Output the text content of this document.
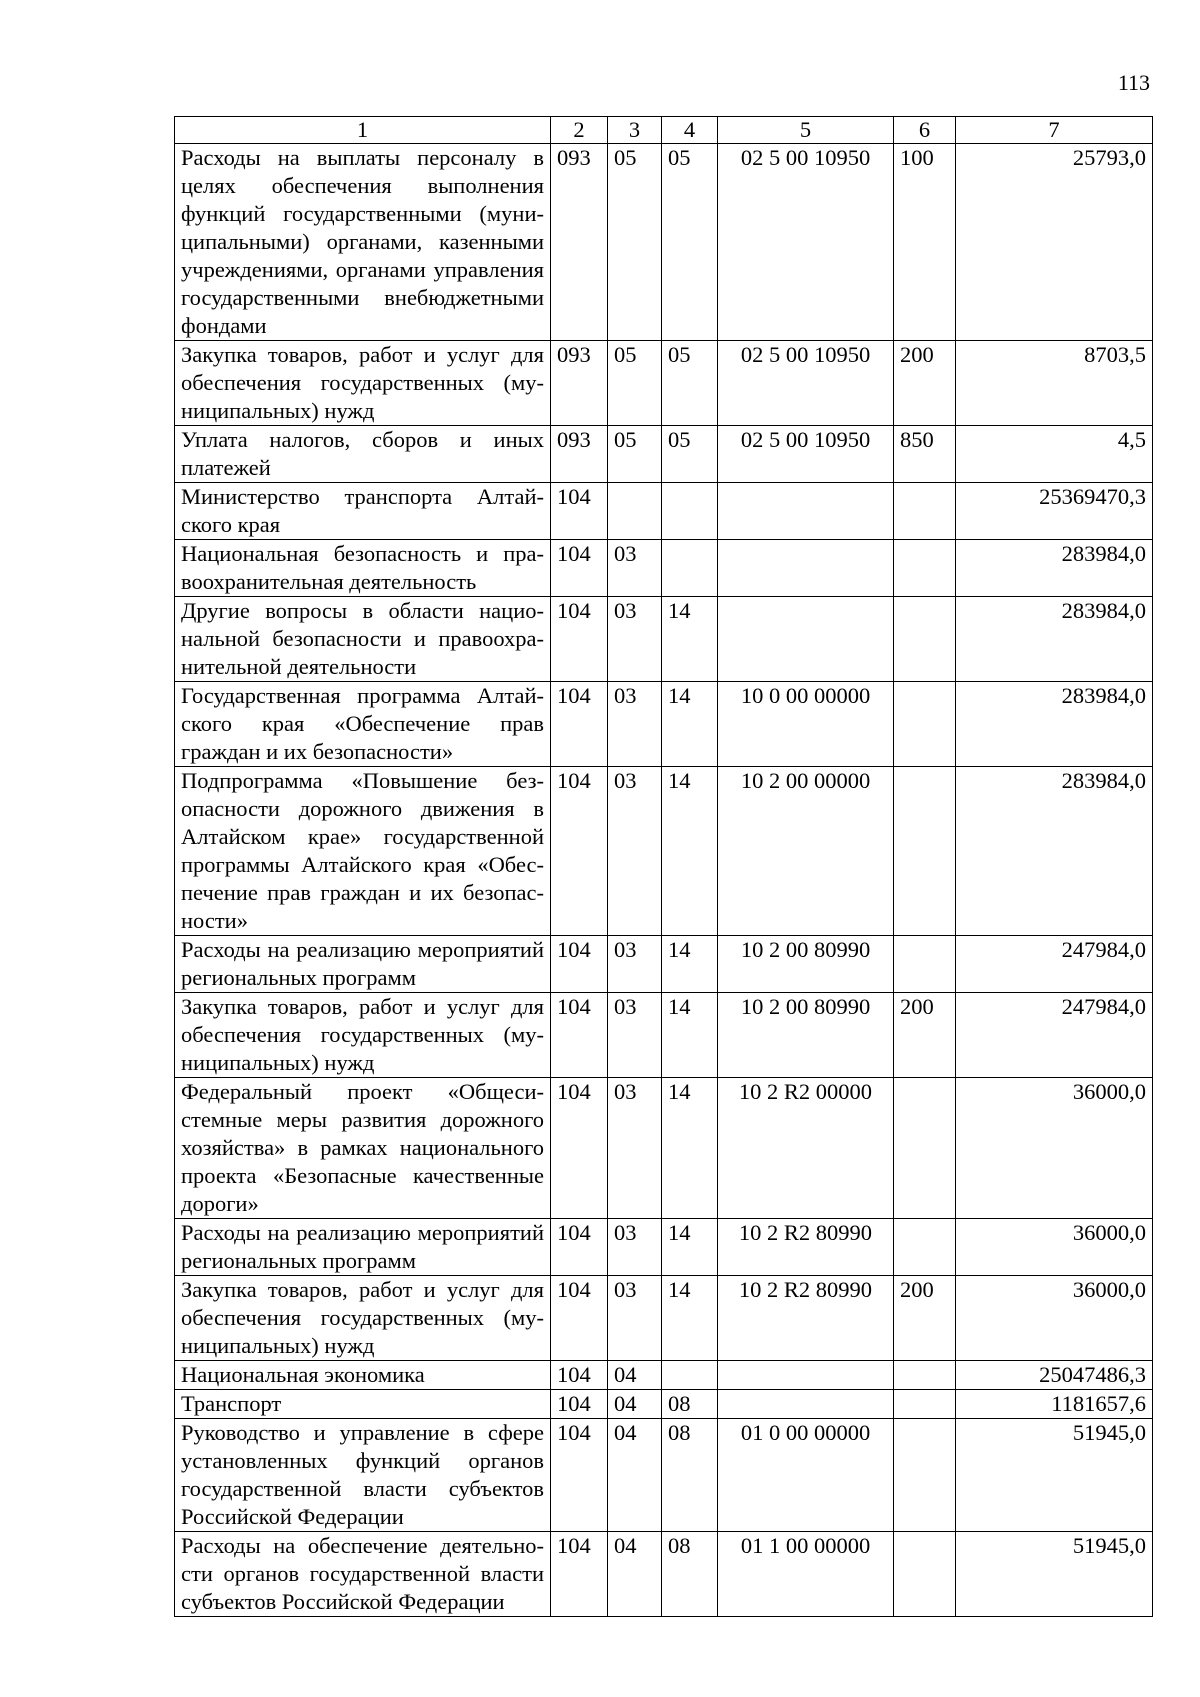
113
1	2	3	4	5	6	7
Расходы на выплаты персоналу в целях обеспечения выполнения функций государственными (муниципальными) органами, казенными учреждениями, органами управления государственными внебюджетными фондами	093	05	05	02 5 00 10950	100	25793,0
Закупка товаров, работ и услуг для обеспечения государственных (муниципальных) нужд	093	05	05	02 5 00 10950	200	8703,5
Уплата налогов, сборов и иных платежей	093	05	05	02 5 00 10950	850	4,5
Министерство транспорта Алтайского края	104					25369470,3
Национальная безопасность и правоохранительная деятельность	104	03				283984,0
Другие вопросы в области национальной безопасности и правоохранительной деятельности	104	03	14			283984,0
Государственная программа Алтайского края «Обеспечение прав граждан и их безопасности»	104	03	14	10 0 00 00000		283984,0
Подпрограмма «Повышение безопасности дорожного движения в Алтайском крае» государственной программы Алтайского края «Обеспечение прав граждан и их безопасности»	104	03	14	10 2 00 00000		283984,0
Расходы на реализацию мероприятий региональных программ	104	03	14	10 2 00 80990		247984,0
Закупка товаров, работ и услуг для обеспечения государственных (муниципальных) нужд	104	03	14	10 2 00 80990	200	247984,0
Федеральный проект «Общесистемные меры развития дорожного хозяйства» в рамках национального проекта «Безопасные качественные дороги»	104	03	14	10 2 R2 00000		36000,0
Расходы на реализацию мероприятий региональных программ	104	03	14	10 2 R2 80990		36000,0
Закупка товаров, работ и услуг для обеспечения государственных (муниципальных) нужд	104	03	14	10 2 R2 80990	200	36000,0
Национальная экономика	104	04				25047486,3
Транспорт	104	04	08			1181657,6
Руководство и управление в сфере установленных функций органов государственной власти субъектов Российской Федерации	104	04	08	01 0 00 00000		51945,0
Расходы на обеспечение деятельности органов государственной власти субъектов Российской Федерации	104	04	08	01 1 00 00000		51945,0
